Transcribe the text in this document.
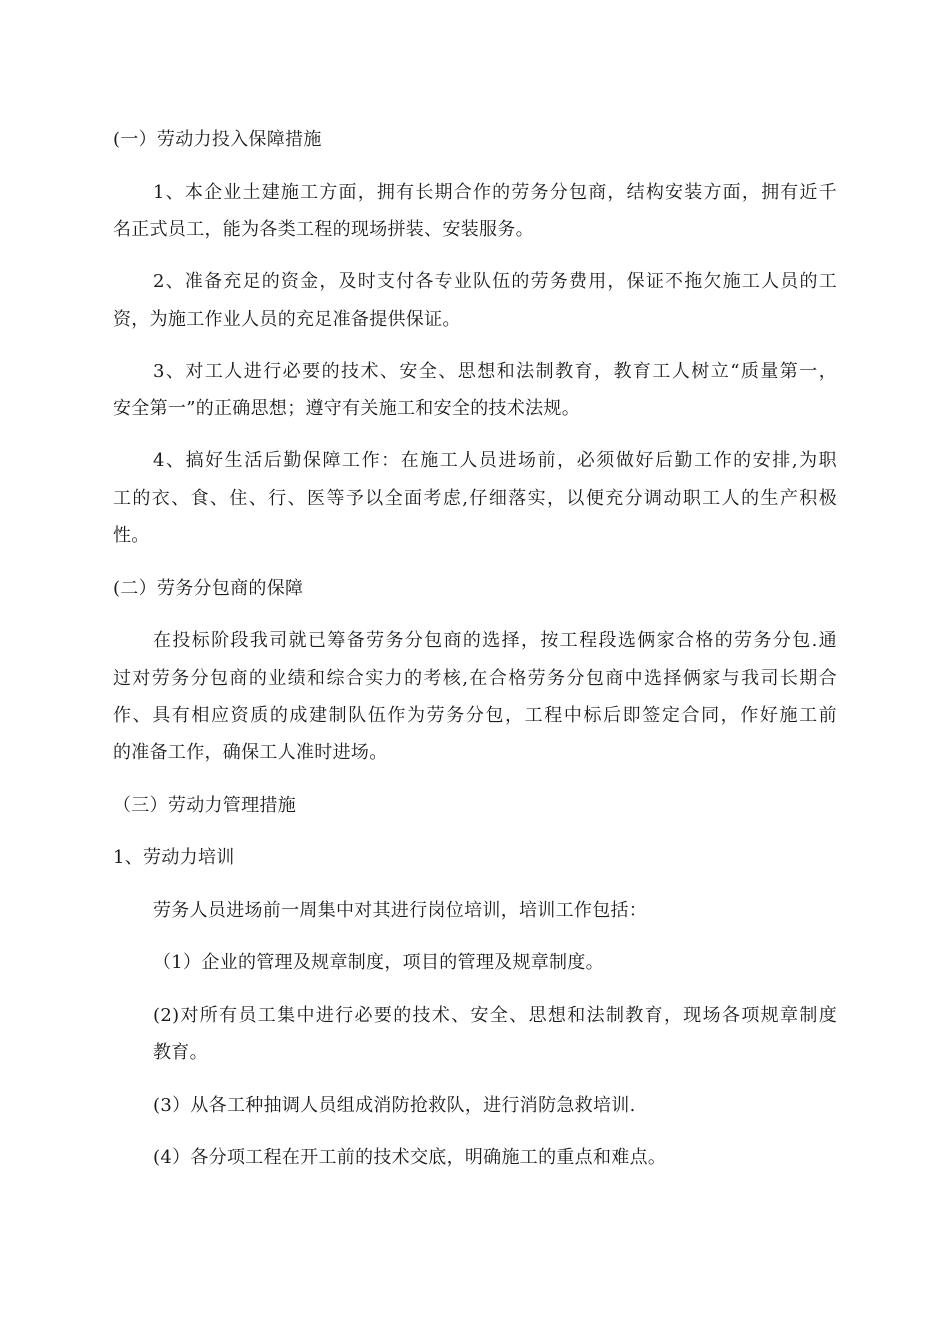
(一）劳动力投入保障措施
1、本企业土建施工方面，拥有长期合作的劳务分包商，结构安装方面，拥有近千
名正式员工，能为各类工程的现场拼装、安装服务。
2、准备充足的资金，及时支付各专业队伍的劳务费用，保证不拖欠施工人员的工
资，为施工作业人员的充足准备提供保证。
3、对工人进行必要的技术、安全、思想和法制教育，教育工人树立“质量第一，
安全第一”的正确思想；遵守有关施工和安全的技术法规。
4、搞好生活后勤保障工作：在施工人员进场前，必须做好后勤工作的安排,为职
工的衣、食、住、行、医等予以全面考虑,仔细落实，以便充分调动职工人的生产积极
性。
(二）劳务分包商的保障
在投标阶段我司就已筹备劳务分包商的选择，按工程段选俩家合格的劳务分包.通
过对劳务分包商的业绩和综合实力的考核,在合格劳务分包商中选择俩家与我司长期合
作、具有相应资质的成建制队伍作为劳务分包，工程中标后即签定合同，作好施工前
的准备工作，确保工人准时进场。
（三）劳动力管理措施
1、劳动力培训
劳务人员进场前一周集中对其进行岗位培训，培训工作包括：
（1）企业的管理及规章制度，项目的管理及规章制度。
(2)对所有员工集中进行必要的技术、安全、思想和法制教育，现场各项规章制度
教育。
(3）从各工种抽调人员组成消防抢救队，进行消防急救培训.
(4）各分项工程在开工前的技术交底，明确施工的重点和难点。
